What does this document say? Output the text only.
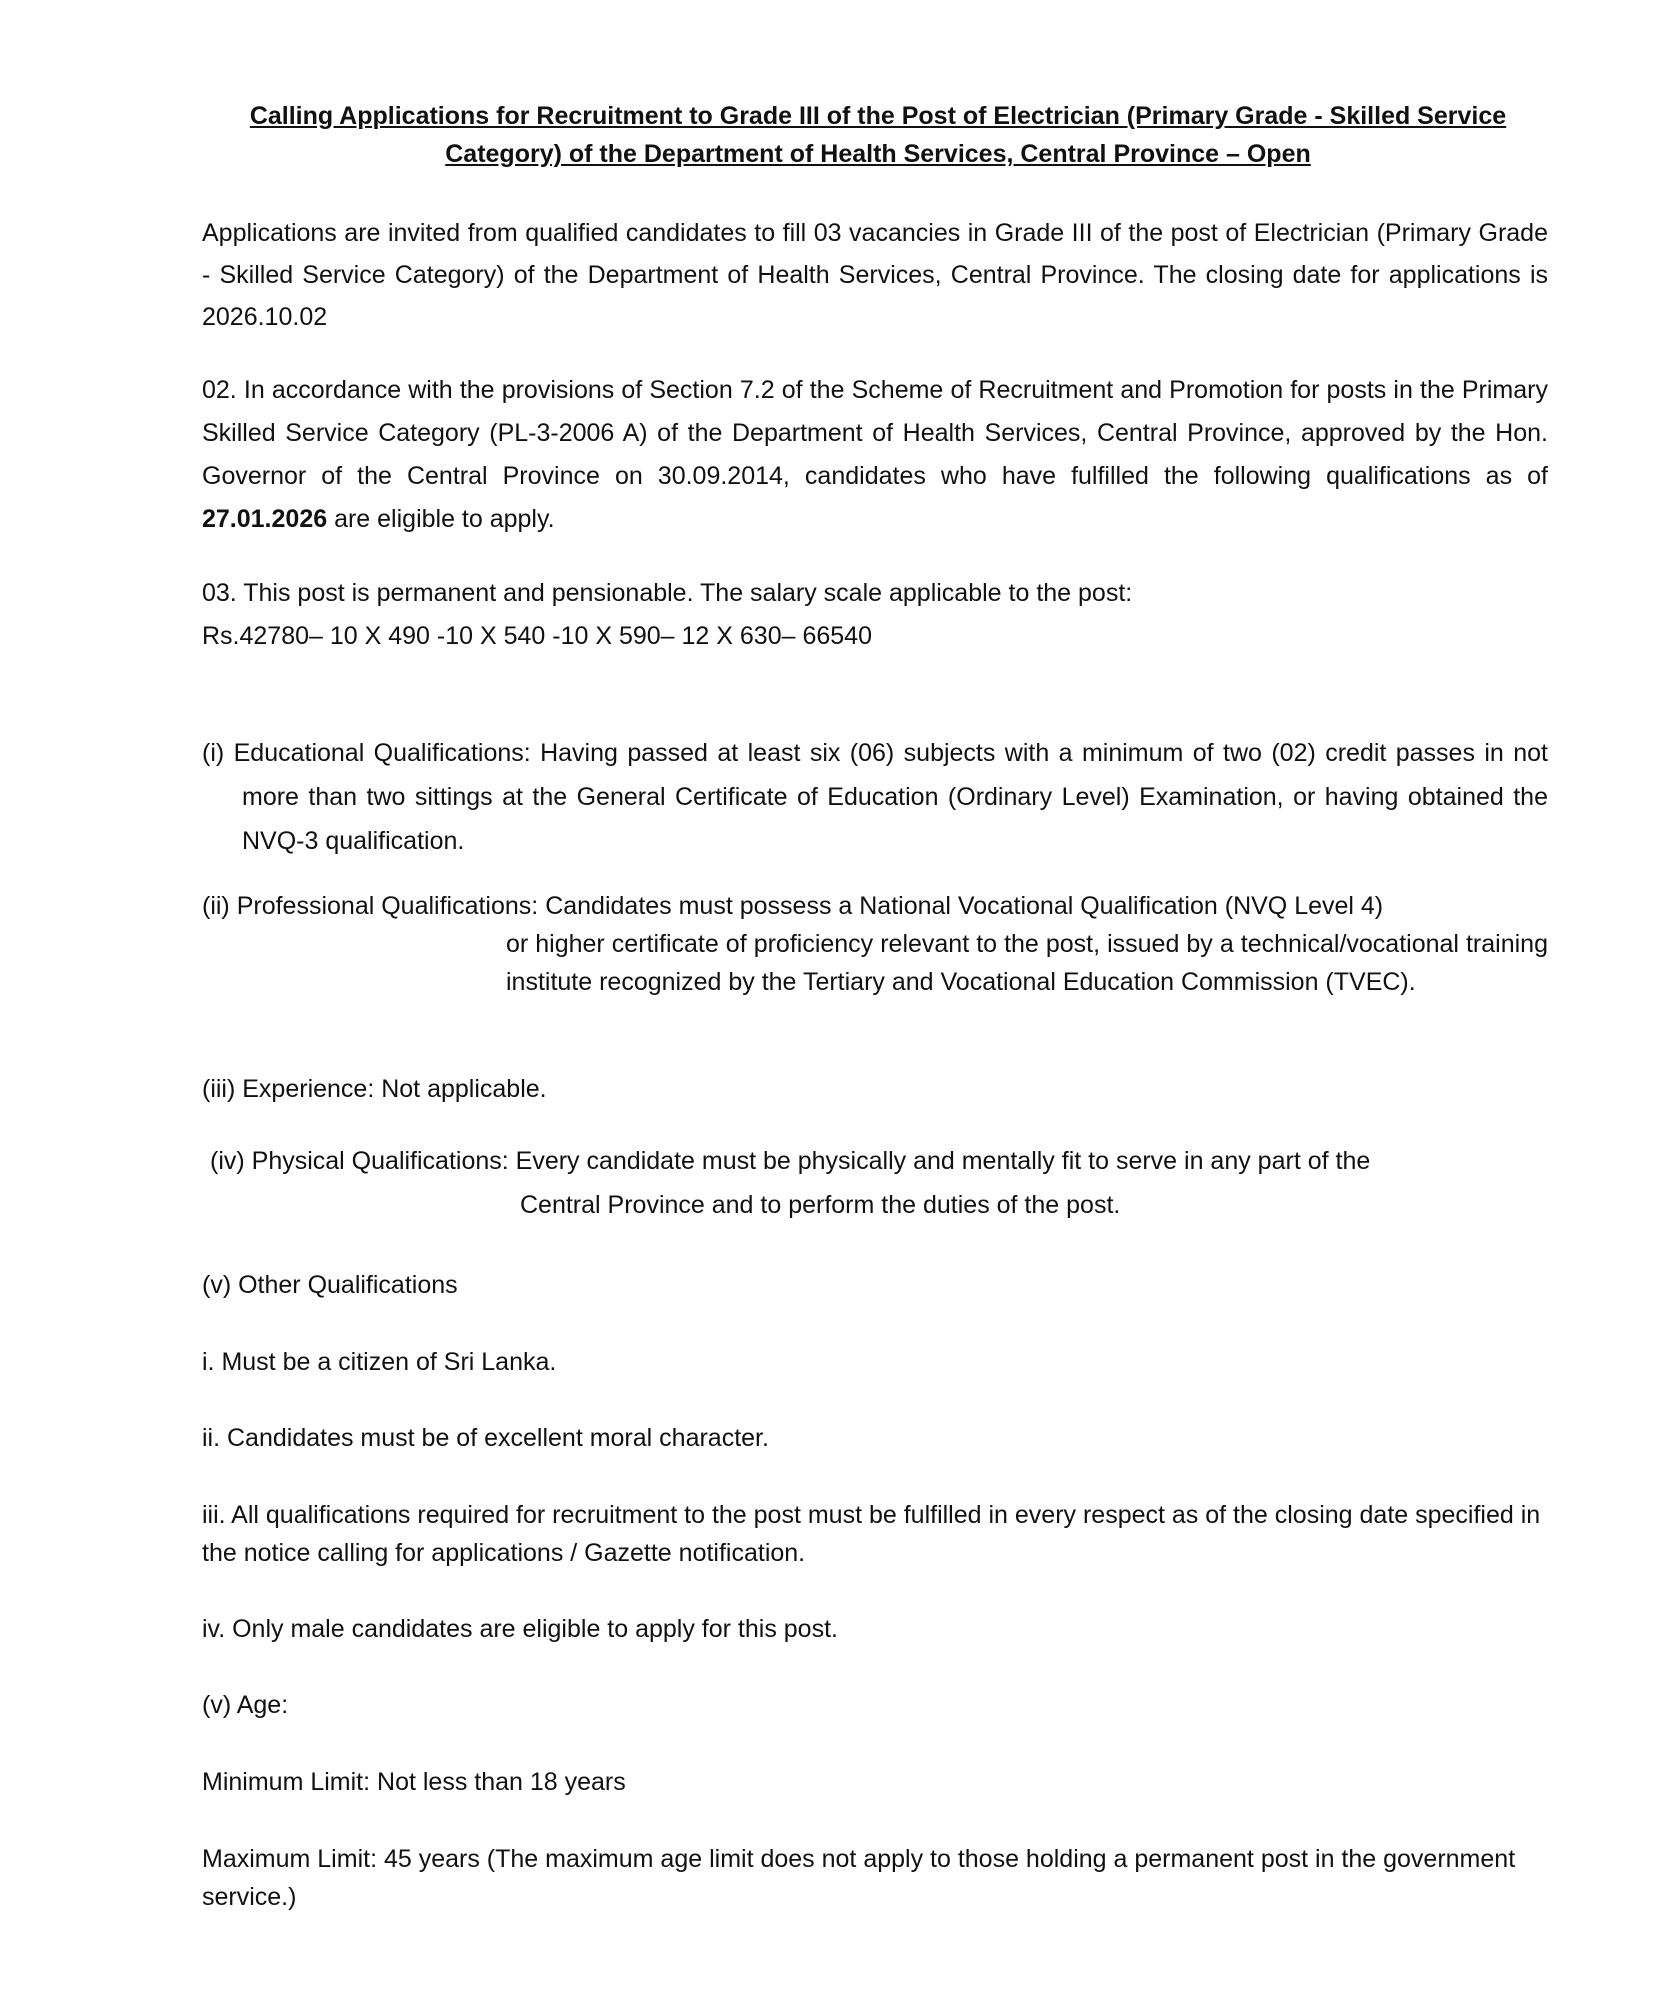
Calling Applications for Recruitment to Grade III of the Post of Electrician (Primary Grade - Skilled Service
Category) of the Department of Health Services, Central Province – Open
Applications are invited from qualified candidates to fill 03 vacancies in Grade III of the post of Electrician (Primary Grade - Skilled Service Category) of the Department of Health Services, Central Province. The closing date for applications is 2026.10.02
02. In accordance with the provisions of Section 7.2 of the Scheme of Recruitment and Promotion for posts in the Primary Skilled Service Category (PL-3-2006 A) of the Department of Health Services, Central Province, approved by the Hon. Governor of the Central Province on 30.09.2014, candidates who have fulfilled the following qualifications as of 27.01.2026 are eligible to apply.
03. This post is permanent and pensionable. The salary scale applicable to the post:
Rs.42780– 10 X 490 -10 X 540 -10 X 590– 12 X 630– 66540
(i) Educational Qualifications: Having passed at least six (06) subjects with a minimum of two (02) credit passes in not more than two sittings at the General Certificate of Education (Ordinary Level) Examination, or having obtained the NVQ-3 qualification.
(ii) Professional Qualifications: Candidates must possess a National Vocational Qualification (NVQ Level 4)
or higher certificate of proficiency relevant to the post, issued by a technical/vocational training institute recognized by the Tertiary and Vocational Education Commission (TVEC).
(iii) Experience: Not applicable.
(iv) Physical Qualifications: Every candidate must be physically and mentally fit to serve in any part of the
Central Province and to perform the duties of the post.
(v) Other Qualifications
i. Must be a citizen of Sri Lanka.
ii. Candidates must be of excellent moral character.
iii. All qualifications required for recruitment to the post must be fulfilled in every respect as of the closing date specified in the notice calling for applications / Gazette notification.
iv. Only male candidates are eligible to apply for this post.
(v) Age:
Minimum Limit: Not less than 18 years
Maximum Limit: 45 years (The maximum age limit does not apply to those holding a permanent post in the government service.)
